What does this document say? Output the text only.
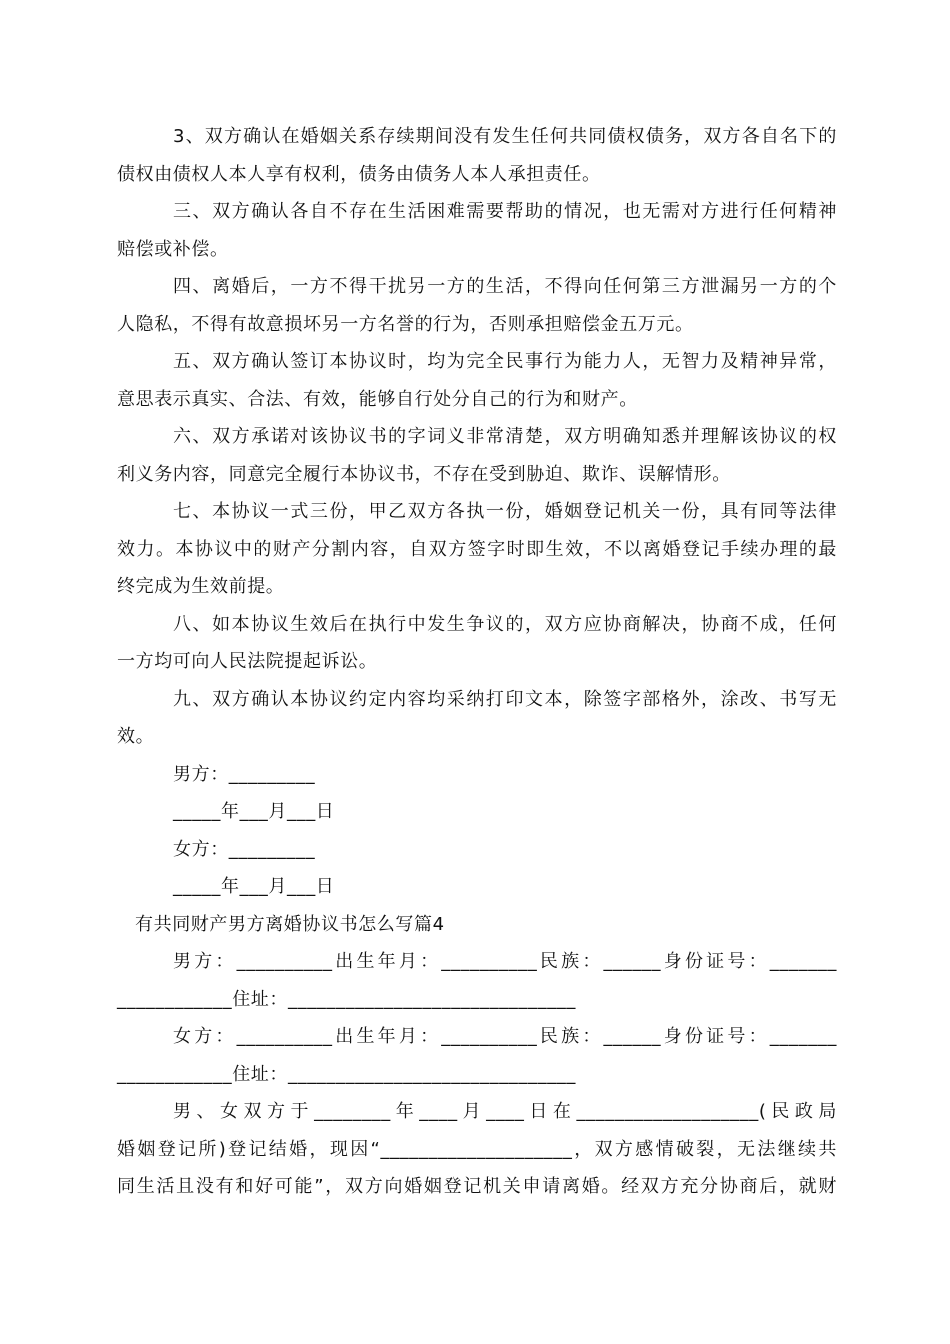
3、双方确认在婚姻关系存续期间没有发生任何共同债权债务，双方各自名下的
债权由债权人本人享有权利，债务由债务人本人承担责任。
三、双方确认各自不存在生活困难需要帮助的情况，也无需对方进行任何精神
赔偿或补偿。
四、离婚后，一方不得干扰另一方的生活，不得向任何第三方泄漏另一方的个
人隐私，不得有故意损坏另一方名誉的行为，否则承担赔偿金五万元。
五、双方确认签订本协议时，均为完全民事行为能力人，无智力及精神异常，
意思表示真实、合法、有效，能够自行处分自己的行为和财产。
六、双方承诺对该协议书的字词义非常清楚，双方明确知悉并理解该协议的权
利义务内容，同意完全履行本协议书，不存在受到胁迫、欺诈、误解情形。
七、本协议一式三份，甲乙双方各执一份，婚姻登记机关一份，具有同等法律
效力。本协议中的财产分割内容，自双方签字时即生效，不以离婚登记手续办理的最
终完成为生效前提。
八、如本协议生效后在执行中发生争议的，双方应协商解决，协商不成，任何
一方均可向人民法院提起诉讼。
九、双方确认本协议约定内容均采纳打印文本，除签字部格外，涂改、书写无
效。
男方：_________
_____年___月___日
女方：_________
_____年___月___日
有共同财产男方离婚协议书怎么写篇4
男方：__________出生年月：__________民族：______身份证号：_______
____________住址：______________________________
女方：__________出生年月：__________民族：______身份证号：_______
____________住址：______________________________
男、女双方于________年____月____日在___________________(民政局
婚姻登记所)登记结婚，现因“____________________，双方感情破裂，无法继续共
同生活且没有和好可能”，双方向婚姻登记机关申请离婚。经双方充分协商后，就财
